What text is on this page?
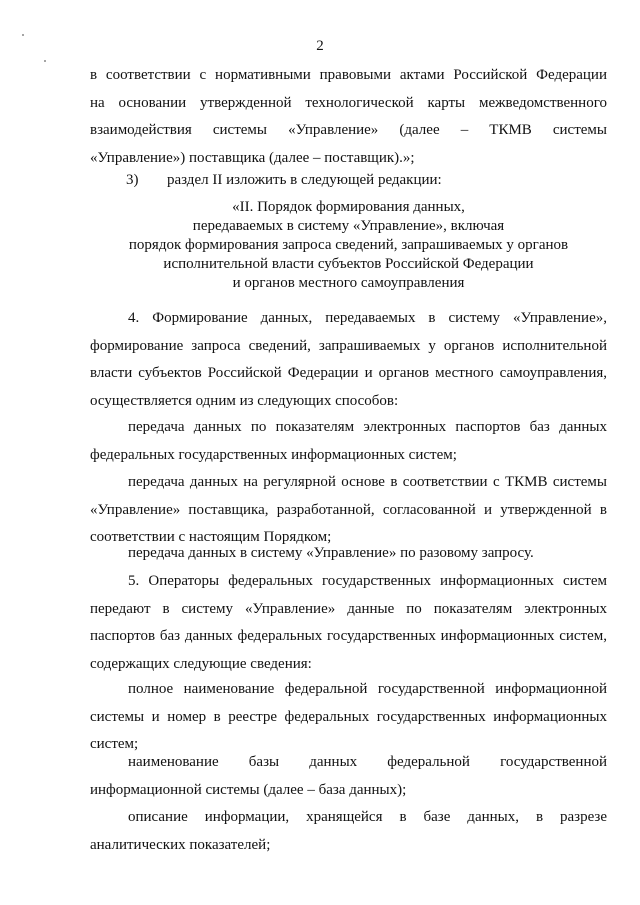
2
в соответствии с нормативными правовыми актами Российской Федерации
на основании утвержденной технологической карты межведомственного
взаимодействия системы «Управление» (далее – ТКМВ системы
«Управление») поставщика (далее – поставщик).»;
3) раздел II изложить в следующей редакции:
«II. Порядок формирования данных,
передаваемых в систему «Управление», включая
порядок формирования запроса сведений, запрашиваемых у органов
исполнительной власти субъектов Российской Федерации
и органов местного самоуправления
4. Формирование данных, передаваемых в систему «Управление», формирование запроса сведений, запрашиваемых у органов исполнительной власти субъектов Российской Федерации и органов местного самоуправления, осуществляется одним из следующих способов:
передача данных по показателям электронных паспортов баз данных федеральных государственных информационных систем;
передача данных на регулярной основе в соответствии с ТКМВ системы «Управление» поставщика, разработанной, согласованной и утвержденной в соответствии с настоящим Порядком;
передача данных в систему «Управление» по разовому запросу.
5. Операторы федеральных государственных информационных систем передают в систему «Управление» данные по показателям электронных паспортов баз данных федеральных государственных информационных систем, содержащих следующие сведения:
полное наименование федеральной государственной информационной системы и номер в реестре федеральных государственных информационных систем;
наименование базы данных федеральной государственной информационной системы (далее – база данных);
описание информации, хранящейся в базе данных, в разрезе аналитических показателей;
